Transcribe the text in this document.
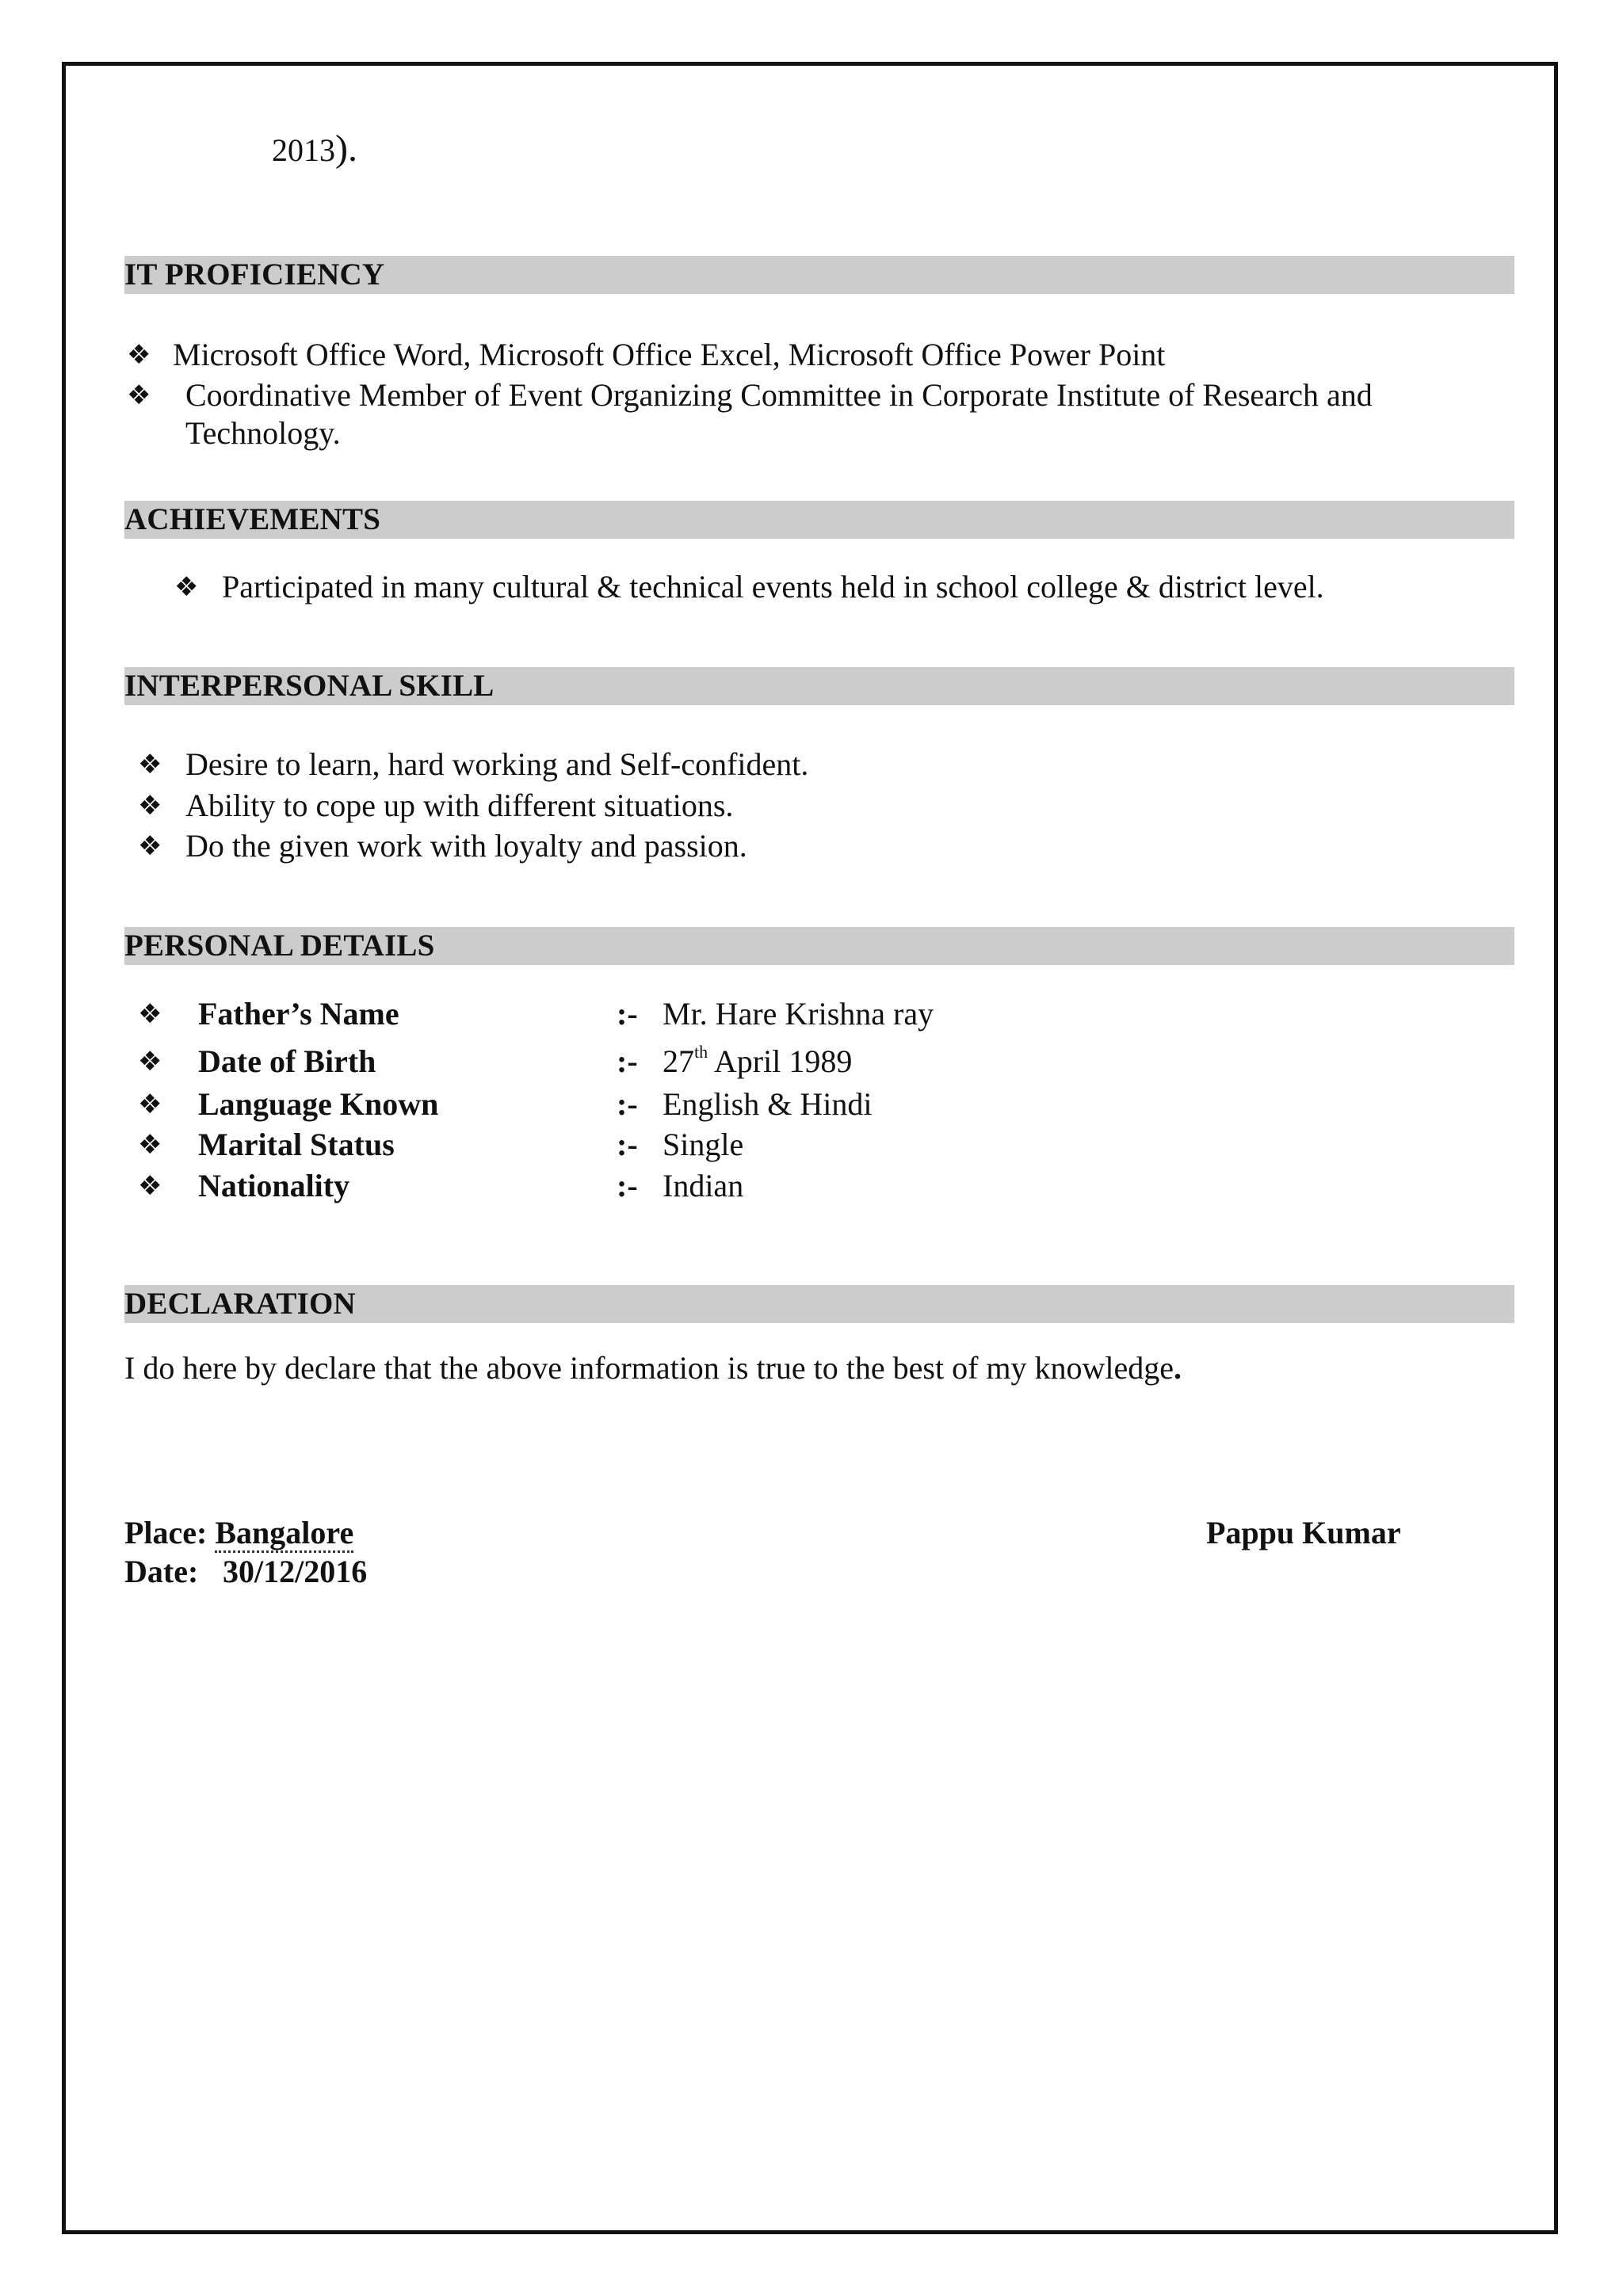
2013).
IT PROFICIENCY
❖ Microsoft Office Word, Microsoft Office Excel, Microsoft Office Power Point
❖ Coordinative Member of Event Organizing Committee in Corporate Institute of Research and
Technology.
ACHIEVEMENTS
❖ Participated in many cultural & technical events held in school college & district level.
INTERPERSONAL SKILL
❖ Desire to learn, hard working and Self-confident.
❖ Ability to cope up with different situations.
❖ Do the given work with loyalty and passion.
PERSONAL DETAILS
❖ Father’s Name	:- Mr. Hare Krishna ray
❖ Date of Birth	:- 27th April 1989
❖ Language Known	:- English & Hindi
❖ Marital Status	:- Single
❖ Nationality	:- Indian
DECLARATION
I do here by declare that the above information is true to the best of my knowledge.
Place: Bangalore
Date: 30/12/2016
Pappu Kumar
